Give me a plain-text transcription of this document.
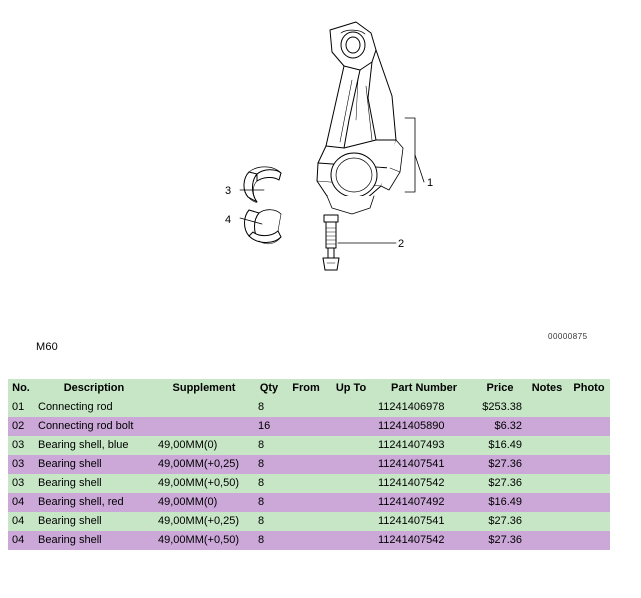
1
2
3
4
M60
00000875
No.	Description	Supplement	Qty	From	Up To	Part Number	Price	Notes	Photo
01	Connecting rod		8			11241406978	$253.38		
02	Connecting rod bolt		16			11241405890	$6.32		
03	Bearing shell, blue	49,00MM(0)	8			11241407493	$16.49		
03	Bearing shell	49,00MM(+0,25)	8			11241407541	$27.36		
03	Bearing shell	49,00MM(+0,50)	8			11241407542	$27.36		
04	Bearing shell, red	49,00MM(0)	8			11241407492	$16.49		
04	Bearing shell	49,00MM(+0,25)	8			11241407541	$27.36		
04	Bearing shell	49,00MM(+0,50)	8			11241407542	$27.36		
